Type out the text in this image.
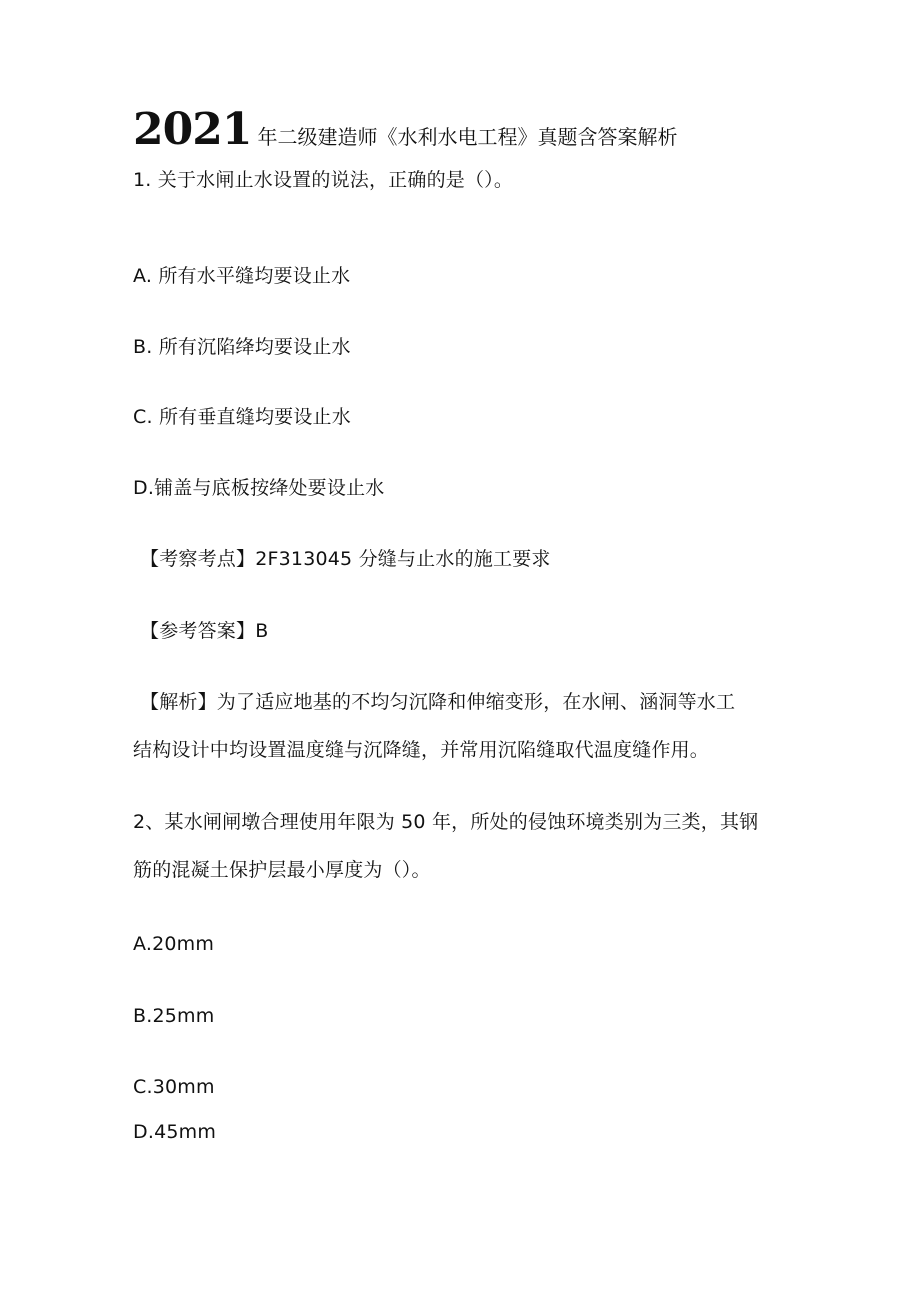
2021 年二级建造师《水利水电工程》真题含答案解析
1. 关于水闸止水设置的说法，正确的是（）。
A. 所有水平缝均要设止水
B. 所有沉陷绛均要设止水
C. 所有垂直缝均要设止水
D.铺盖与底板按绛处要设止水
【考察考点】2F313045 分缝与止水的施工要求
【参考答案】B
【解析】为了适应地基的不均匀沉降和伸缩变形，在水闸、涵洞等水工
结构设计中均设置温度缝与沉降缝，并常用沉陷缝取代温度缝作用。
2、某水闸闸墩合理使用年限为 50 年，所处的侵蚀环境类别为三类，其钢
筋的混凝土保护层最小厚度为（）。
A.20mm
B.25mm
C.30mm
D.45mm
